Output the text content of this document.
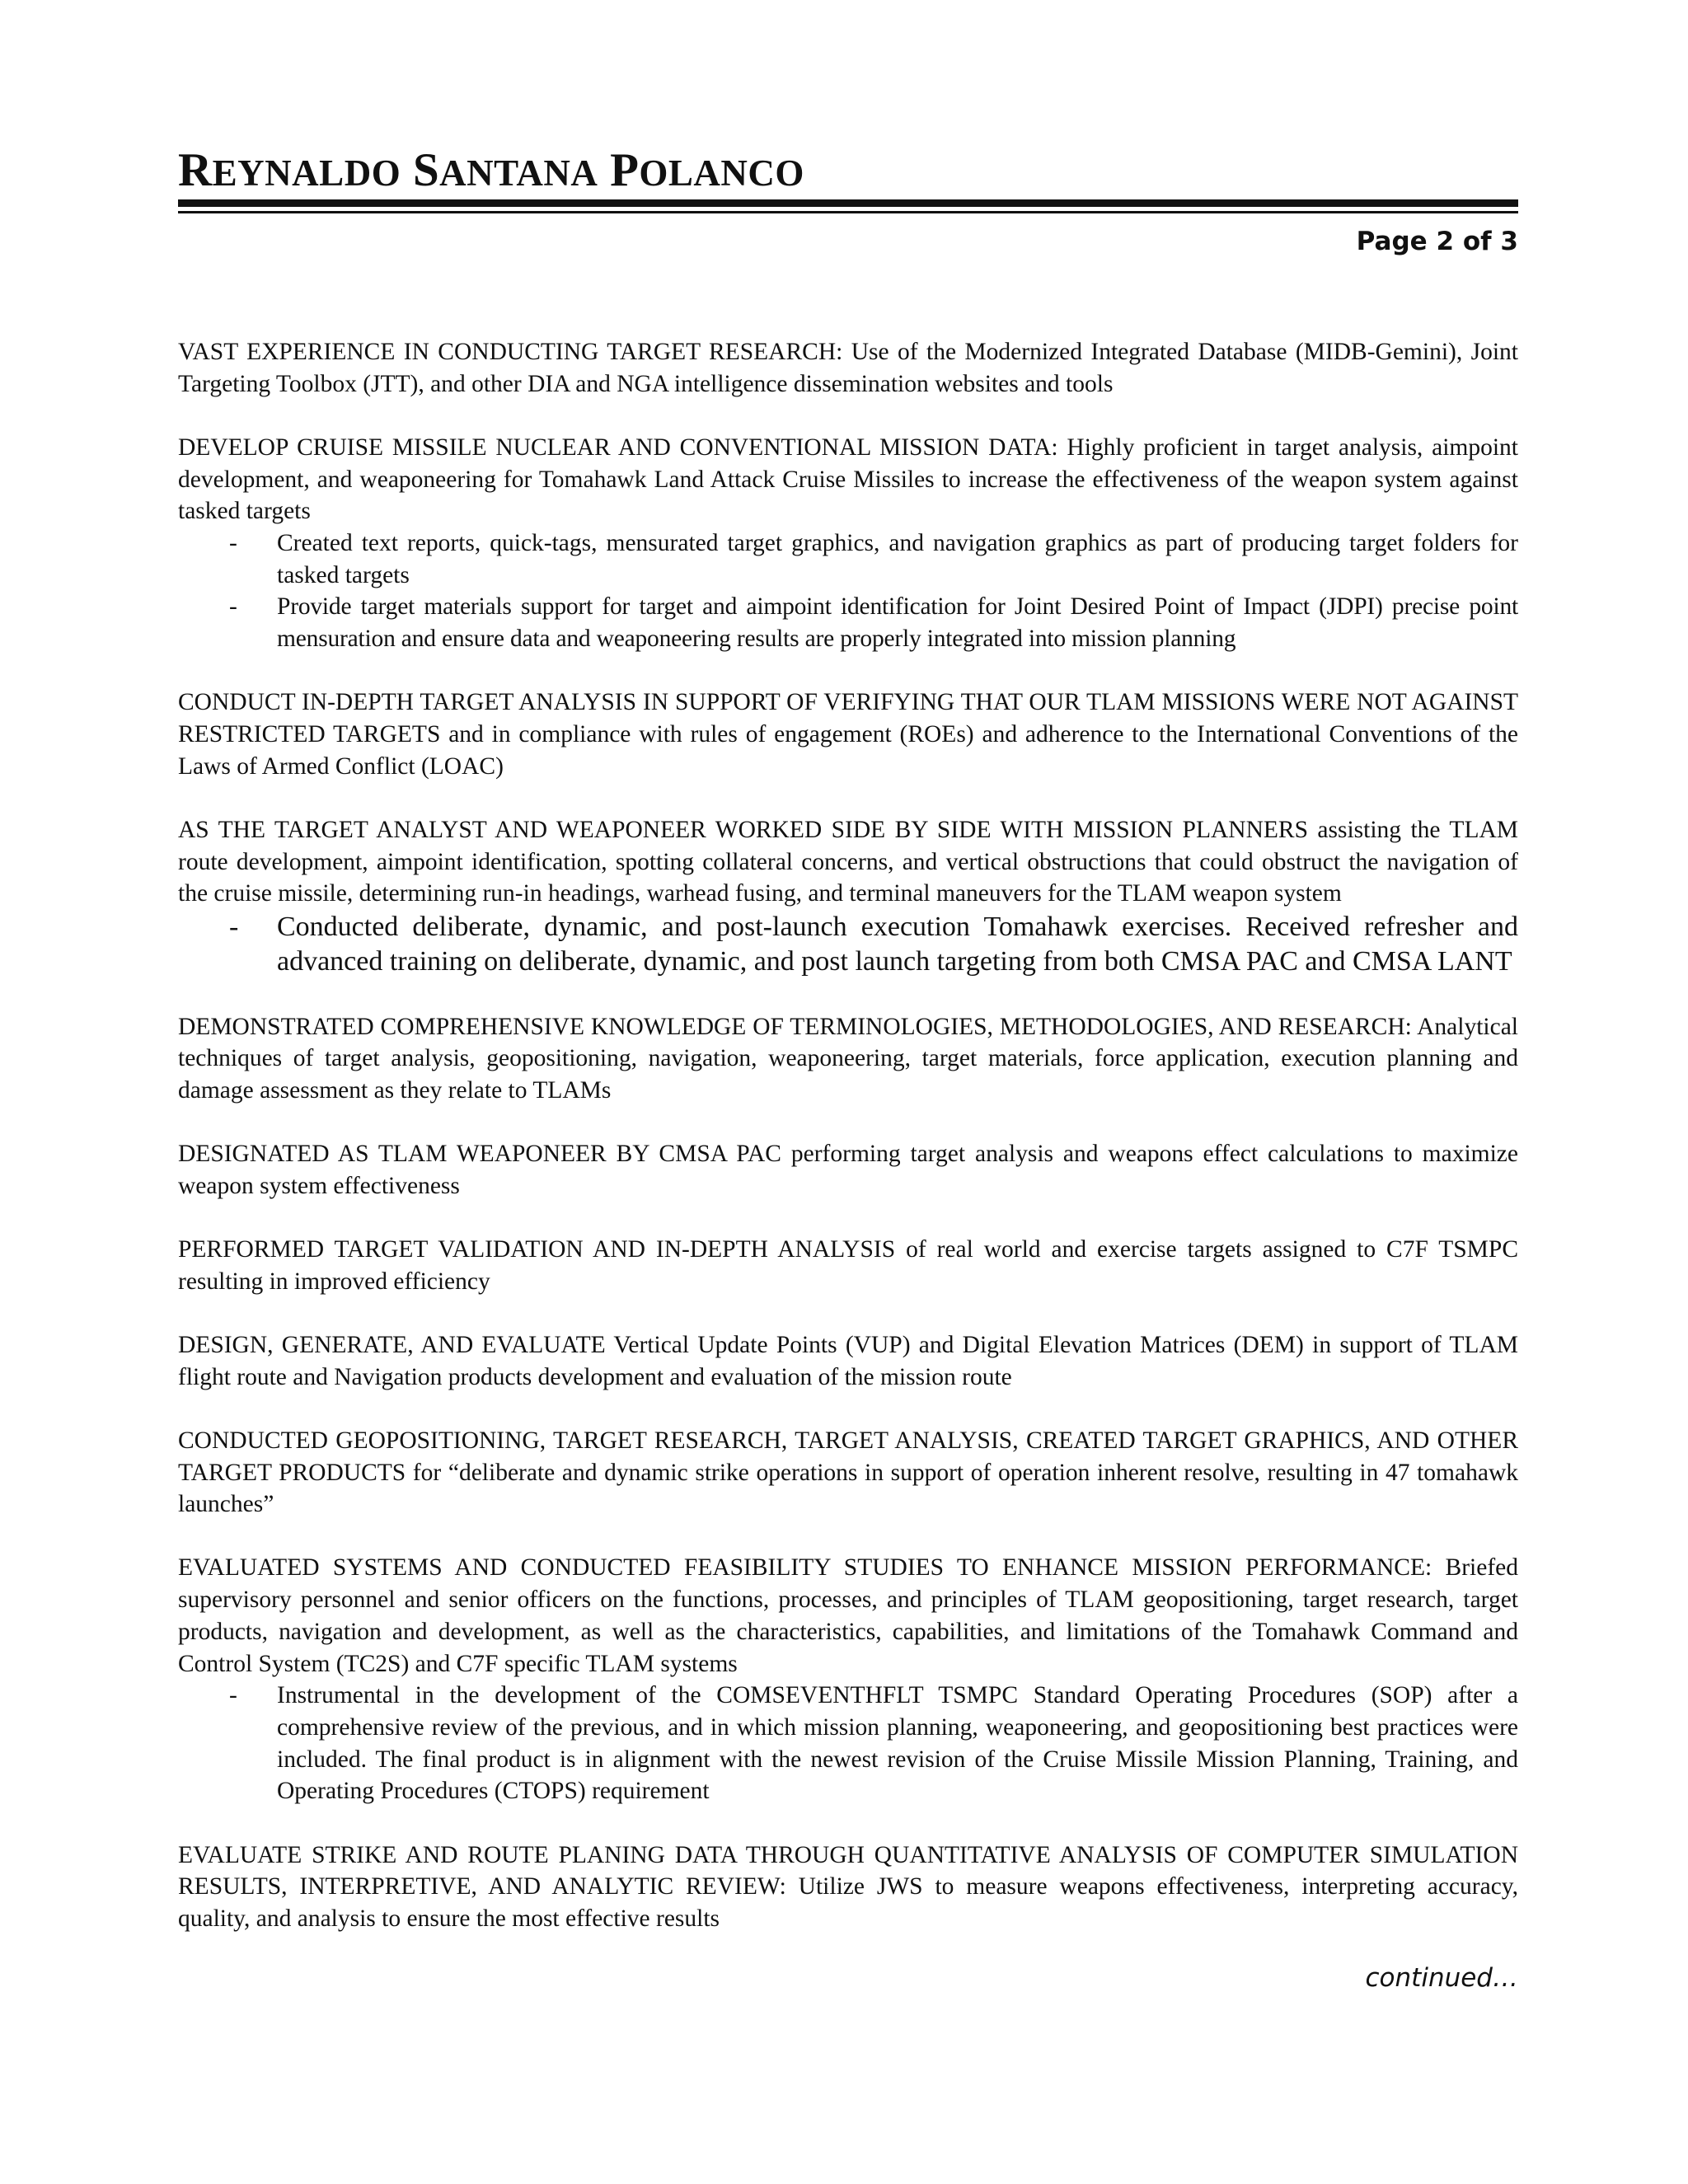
REYNALDO SANTANA POLANCO
Page 2 of 3

VAST EXPERIENCE IN CONDUCTING TARGET RESEARCH: Use of the Modernized Integrated Database (MIDB-Gemini), Joint Targeting Toolbox (JTT), and other DIA and NGA intelligence dissemination websites and tools

DEVELOP CRUISE MISSILE NUCLEAR AND CONVENTIONAL MISSION DATA: Highly proficient in target analysis, aimpoint development, and weaponeering for Tomahawk Land Attack Cruise Missiles to increase the effectiveness of the weapon system against tasked targets

- Created text reports, quick-tags, mensurated target graphics, and navigation graphics as part of producing target folders for tasked targets
- Provide target materials support for target and aimpoint identification for Joint Desired Point of Impact (JDPI) precise point mensuration and ensure data and weaponeering results are properly integrated into mission planning

CONDUCT IN-DEPTH TARGET ANALYSIS IN SUPPORT OF VERIFYING THAT OUR TLAM MISSIONS WERE NOT AGAINST RESTRICTED TARGETS and in compliance with rules of engagement (ROEs) and adherence to the International Conventions of the Laws of Armed Conflict (LOAC)

AS THE TARGET ANALYST AND WEAPONEER WORKED SIDE BY SIDE WITH MISSION PLANNERS assisting the TLAM route development, aimpoint identification, spotting collateral concerns, and vertical obstructions that could obstruct the navigation of the cruise missile, determining run-in headings, warhead fusing, and terminal maneuvers for the TLAM weapon system

- Conducted deliberate, dynamic, and post-launch execution Tomahawk exercises. Received refresher and advanced training on deliberate, dynamic, and post launch targeting from both CMSA PAC and CMSA LANT

DEMONSTRATED COMPREHENSIVE KNOWLEDGE OF TERMINOLOGIES, METHODOLOGIES, AND RESEARCH: Analytical techniques of target analysis, geopositioning, navigation, weaponeering, target materials, force application, execution planning and damage assessment as they relate to TLAMs

DESIGNATED AS TLAM WEAPONEER BY CMSA PAC performing target analysis and weapons effect calculations to maximize weapon system effectiveness

PERFORMED TARGET VALIDATION AND IN-DEPTH ANALYSIS of real world and exercise targets assigned to C7F TSMPC resulting in improved efficiency

DESIGN, GENERATE, AND EVALUATE Vertical Update Points (VUP) and Digital Elevation Matrices (DEM) in support of TLAM flight route and Navigation products development and evaluation of the mission route

CONDUCTED GEOPOSITIONING, TARGET RESEARCH, TARGET ANALYSIS, CREATED TARGET GRAPHICS, AND OTHER TARGET PRODUCTS for “deliberate and dynamic strike operations in support of operation inherent resolve, resulting in 47 tomahawk launches”

EVALUATED SYSTEMS AND CONDUCTED FEASIBILITY STUDIES TO ENHANCE MISSION PERFORMANCE: Briefed supervisory personnel and senior officers on the functions, processes, and principles of TLAM geopositioning, target research, target products, navigation and development, as well as the characteristics, capabilities, and limitations of the Tomahawk Command and Control System (TC2S) and C7F specific TLAM systems

- Instrumental in the development of the COMSEVENTHFLT TSMPC Standard Operating Procedures (SOP) after a comprehensive review of the previous, and in which mission planning, weaponeering, and geopositioning best practices were included. The final product is in alignment with the newest revision of the Cruise Missile Mission Planning, Training, and Operating Procedures (CTOPS) requirement

EVALUATE STRIKE AND ROUTE PLANING DATA THROUGH QUANTITATIVE ANALYSIS OF COMPUTER SIMULATION RESULTS, INTERPRETIVE, AND ANALYTIC REVIEW: Utilize JWS to measure weapons effectiveness, interpreting accuracy, quality, and analysis to ensure the most effective results

continued…
